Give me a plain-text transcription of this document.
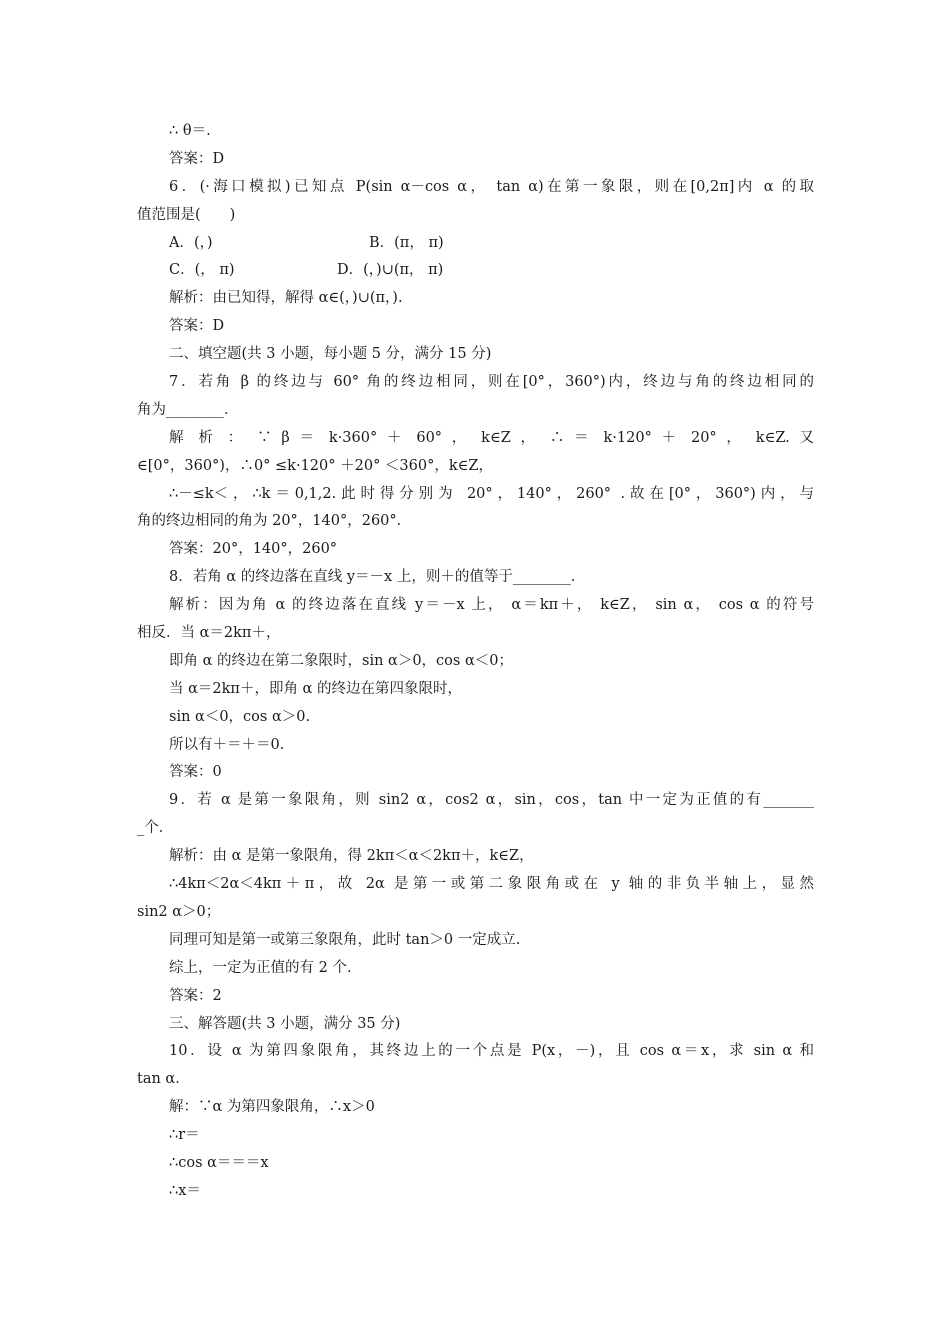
∴ θ＝.
答案：D
6．(·海口模拟)已知点 P(sin α－cos α， tan α)在第一象限，则在[0,2π]内 α 的取
值范围是(　　)
A．(，)	B．(π， π)
C．(， π)	D．(，)∪(π， π)
解析：由已知得，解得 α∈(，)∪(π，).
答案：D
二、填空题(共 3 小题，每小题 5 分，满分 15 分)
7．若角 β 的终边与 60° 角的终边相同，则在[0°，360°)内，终边与角的终边相同的
角为________．
解 析 ： ∵ β ＝ k·360° ＋ 60° ， k∈Z ， ∴ ＝ k·120° ＋ 20° ， k∈Z. 又
∈[0°，360°)，∴0° ≤k·120° ＋20° ＜360°，k∈Z，
∴－≤k＜，∴k＝0,1,2.此时得分别为 20°，140°，260° .故在[0°，360°)内，与
角的终边相同的角为 20°，140°，260°．
答案：20°，140°，260°
8．若角 α 的终边落在直线 y＝－x 上，则＋的值等于________．
解析：因为角 α 的终边落在直线 y＝－x 上， α＝kπ＋， k∈Z， sin α， cos α 的符号
相反．当 α＝2kπ＋，
即角 α 的终边在第二象限时，sin α＞0，cos α＜0；
当 α＝2kπ＋，即角 α 的终边在第四象限时，
sin α＜0，cos α＞0.
所以有＋＝＋＝0.
答案：0
9．若 α 是第一象限角，则 sin2 α，cos2 α，sin，cos，tan 中一定为正值的有_______
_个．
解析：由 α 是第一象限角，得 2kπ＜α＜2kπ＋，k∈Z，
∴4kπ＜2α＜4kπ＋π，故 2α 是第一或第二象限角或在 y 轴的非负半轴上，显然
sin2 α＞0；
同理可知是第一或第三象限角，此时 tan＞0 一定成立.
综上，一定为正值的有 2 个.
答案：2
三、解答题(共 3 小题，满分 35 分)
10．设 α 为第四象限角，其终边上的一个点是 P(x，－)，且 cos α＝x，求 sin α 和
tan α．
解：∵α 为第四象限角，∴x＞0
∴r＝
∴cos α＝＝＝x
∴x＝
